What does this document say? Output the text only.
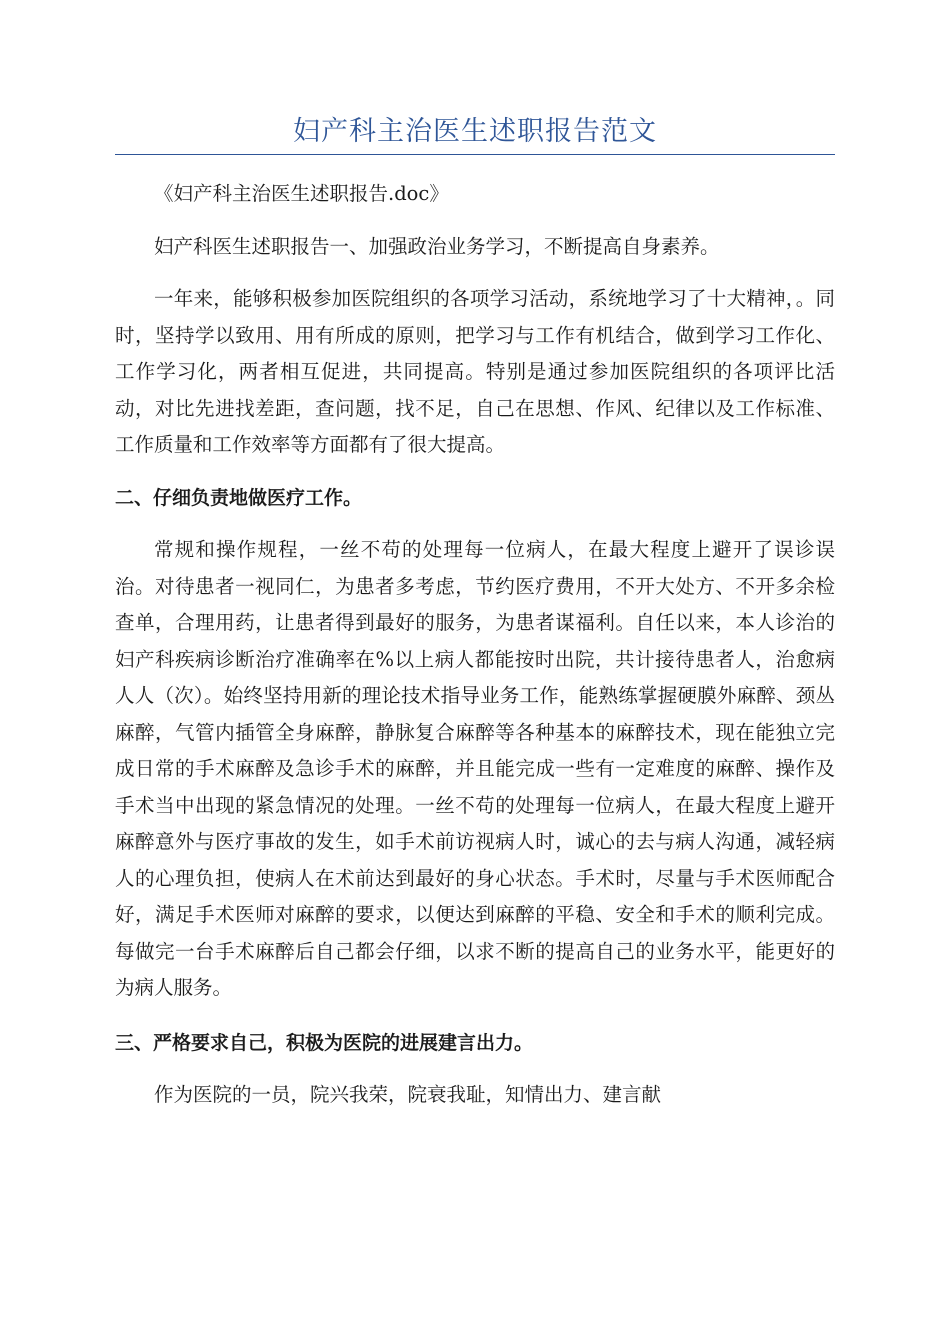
妇产科主治医生述职报告范文

《妇产科主治医生述职报告.doc》

妇产科医生述职报告一、加强政治业务学习，不断提高自身素养。

一年来，能够积极参加医院组织的各项学习活动，系统地学习了十大精神，。同时，坚持学以致用、用有所成的原则，把学习与工作有机结合，做到学习工作化、工作学习化，两者相互促进，共同提高。特别是通过参加医院组织的各项评比活动，对比先进找差距，查问题，找不足，自己在思想、作风、纪律以及工作标准、工作质量和工作效率等方面都有了很大提高。

二、仔细负责地做医疗工作。

常规和操作规程，一丝不苟的处理每一位病人，在最大程度上避开了误诊误治。对待患者一视同仁，为患者多考虑，节约医疗费用，不开大处方、不开多余检查单，合理用药，让患者得到最好的服务，为患者谋福利。自任以来，本人诊治的妇产科疾病诊断治疗准确率在%以上病人都能按时出院，共计接待患者人，治愈病人人（次）。始终坚持用新的理论技术指导业务工作，能熟练掌握硬膜外麻醉、颈丛麻醉，气管内插管全身麻醉，静脉复合麻醉等各种基本的麻醉技术，现在能独立完成日常的手术麻醉及急诊手术的麻醉，并且能完成一些有一定难度的麻醉、操作及手术当中出现的紧急情况的处理。一丝不苟的处理每一位病人，在最大程度上避开麻醉意外与医疗事故的发生，如手术前访视病人时，诚心的去与病人沟通，减轻病人的心理负担，使病人在术前达到最好的身心状态。手术时，尽量与手术医师配合好，满足手术医师对麻醉的要求，以便达到麻醉的平稳、安全和手术的顺利完成。每做完一台手术麻醉后自己都会仔细，以求不断的提高自己的业务水平，能更好的为病人服务。

三、严格要求自己，积极为医院的进展建言出力。

作为医院的一员，院兴我荣，院衰我耻，知情出力、建言献
